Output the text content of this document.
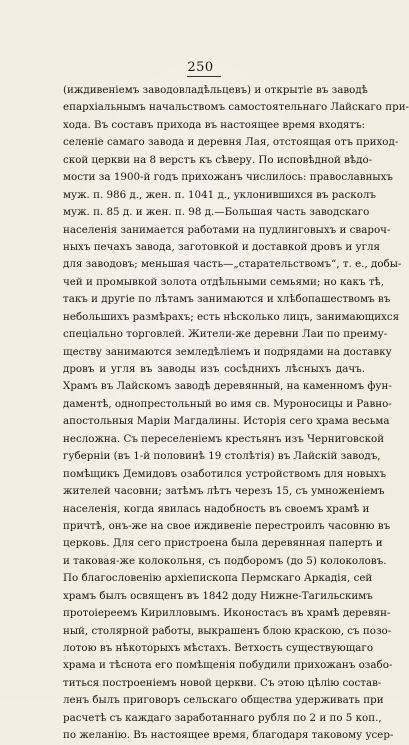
250
(иждивенiемъ заводовладѣльцевъ) и открытiе въ заводѣ
епархiальнымъ начальствомъ самостоятельнаго Лайскаго при-
хода. Въ составъ прихода въ настоящее время входятъ:
селенiе самаго завода и деревня Лая, отстоящая отъ приход-
ской церкви на 8 верстъ къ сѣверу. По исповѣдной вѣдо-
мости за 1900-й годъ прихожанъ числилось: православныхъ
муж. п. 986 д., жен. п. 1041 д., уклонившихся въ расколъ
муж. п. 85 д. и жен. п. 98 д.—Большая часть заводскаго
населенiя занимается работами на пудлинговыхъ и свароч-
ныхъ печахъ завода, заготовкой и доставкой дровъ и угля
для заводовъ; меньшая часть—„старательствомъ“, т. е., добы-
чей и промывкой золота отдѣльными семьями; но какъ тѣ,
такъ и другiе по лѣтамъ занимаются и хлѣбопашествомъ въ
небольшихъ размѣрахъ; есть нѣсколько лицъ, занимающихся
спецiально торговлей. Жители-же деревни Лаи по преиму-
ществу занимаются земледѣлiемъ и подрядами на доставку
дровъ и угля въ заводы изъ сосѣднихъ лѣсныхъ дачъ.
Храмъ въ Лайскомъ заводѣ деревянный, на каменномъ фун-
даментѣ, однопрестольный во имя св. Муроносицы и Равно-
апостольныя Марiи Магдалины. Исторiя сего храма весьма
несложна. Съ переселенiемъ крестьянъ изъ Черниговской
губернiи (въ 1-й половинѣ 19 столѣтiя) въ Лайскiй заводъ,
помѣщикъ Демидовъ озаботился устройствомъ для новыхъ
жителей часовни; затѣмъ лѣтъ черезъ 15, съ умноженiемъ
населенiя, когда явилась надобность въ своемъ храмѣ и
причтѣ, онъ-же на свое иждивенiе перестроилъ часовню въ
церковь. Для сего пристроена была деревянная паперть и
и таковая-же колокольня, съ подборомъ (до 5) колоколовъ.
По благословенiю архiепископа Пермскаго Аркадiя, сей
храмъ былъ освященъ въ 1842 доду Нижне-Тагильскимъ
протоiереемъ Кирилловымъ. Иконостасъ въ храмѣ деревян-
ный, столярной работы, выкрашенъ блою краскою, съ позо-
лотою въ нѣкоторыхъ мѣстахъ. Ветхость существующаго
храма и тѣснота его помѣщенiя побудили прихожанъ озабо-
титься построенiемъ новой церкви. Съ этою цѣлiю состав-
ленъ былъ приговоръ сельскаго общества удерживать при
расчетѣ съ каждаго заработаннаго рубля по 2 и по 5 коп.,
по желанiю. Въ настоящее время, благодаря таковому усер-
